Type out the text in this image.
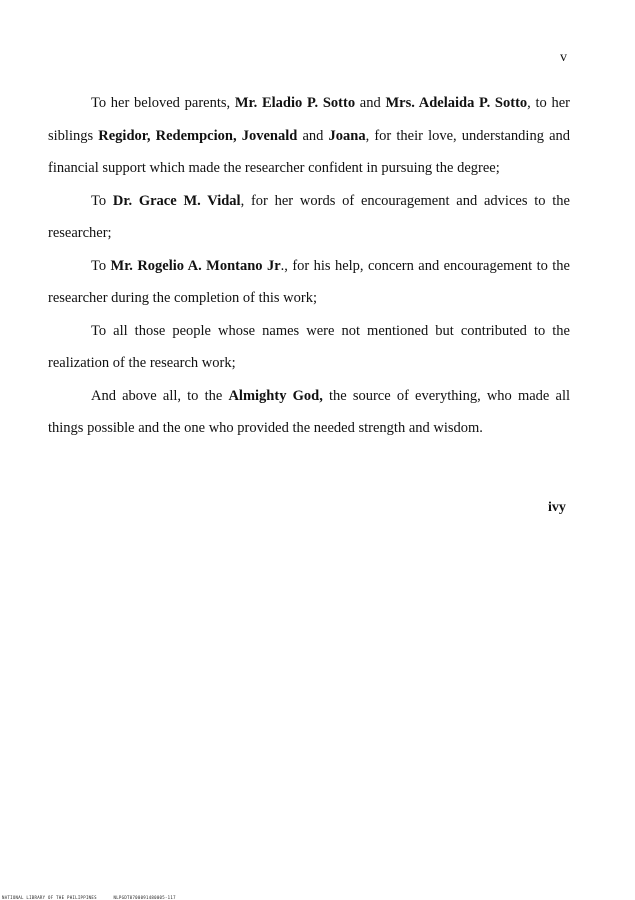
v

To her beloved parents, Mr. Eladio P. Sotto and Mrs. Adelaida P. Sotto, to her siblings Regidor, Redempcion, Jovenald and Joana, for their love, understanding and financial support which made the researcher confident in pursuing the degree;

To Dr. Grace M. Vidal, for her words of encouragement and advices to the researcher;

To Mr. Rogelio A. Montano Jr., for his help, concern and encouragement to the researcher during the completion of this work;

To all those people whose names were not mentioned but contributed to the realization of the research work;

And above all, to the Almighty God, the source of everything, who made all things possible and the one who provided the needed strength and wisdom.

ivy
NATIONAL LIBRARY OF THE PHILIPPINES	NLPGDT0700091480005-117
